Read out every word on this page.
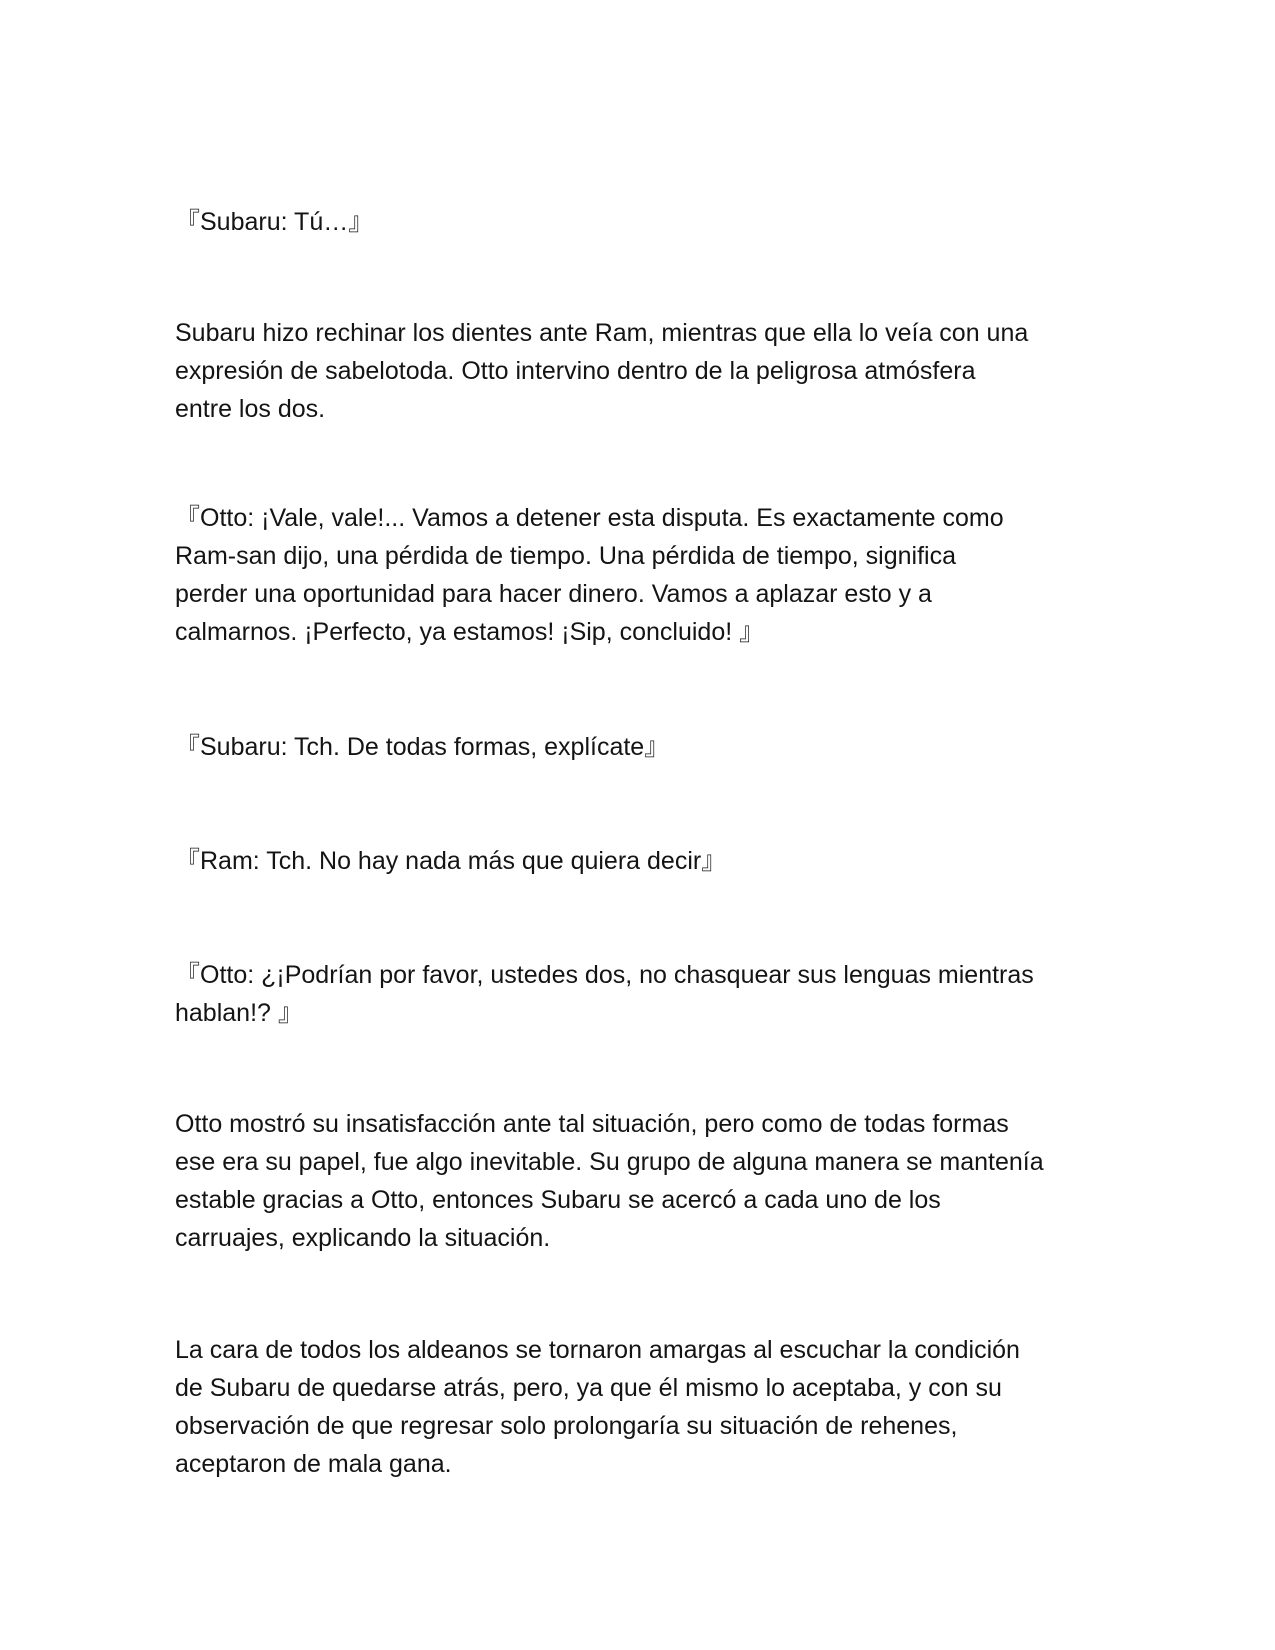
『Subaru: Tú…』

Subaru hizo rechinar los dientes ante Ram, mientras que ella lo veía con una
expresión de sabelotoda. Otto intervino dentro de la peligrosa atmósfera
entre los dos.

『Otto: ¡Vale, vale!... Vamos a detener esta disputa. Es exactamente como
Ram-san dijo, una pérdida de tiempo. Una pérdida de tiempo, significa
perder una oportunidad para hacer dinero. Vamos a aplazar esto y a
calmarnos. ¡Perfecto, ya estamos! ¡Sip, concluido! 』

『Subaru: Tch. De todas formas, explícate』

『Ram: Tch. No hay nada más que quiera decir』

『Otto: ¿¡Podrían por favor, ustedes dos, no chasquear sus lenguas mientras
hablan!? 』

Otto mostró su insatisfacción ante tal situación, pero como de todas formas
ese era su papel, fue algo inevitable. Su grupo de alguna manera se mantenía
estable gracias a Otto, entonces Subaru se acercó a cada uno de los
carruajes, explicando la situación.

La cara de todos los aldeanos se tornaron amargas al escuchar la condición
de Subaru de quedarse atrás, pero, ya que él mismo lo aceptaba, y con su
observación de que regresar solo prolongaría su situación de rehenes,
aceptaron de mala gana.
